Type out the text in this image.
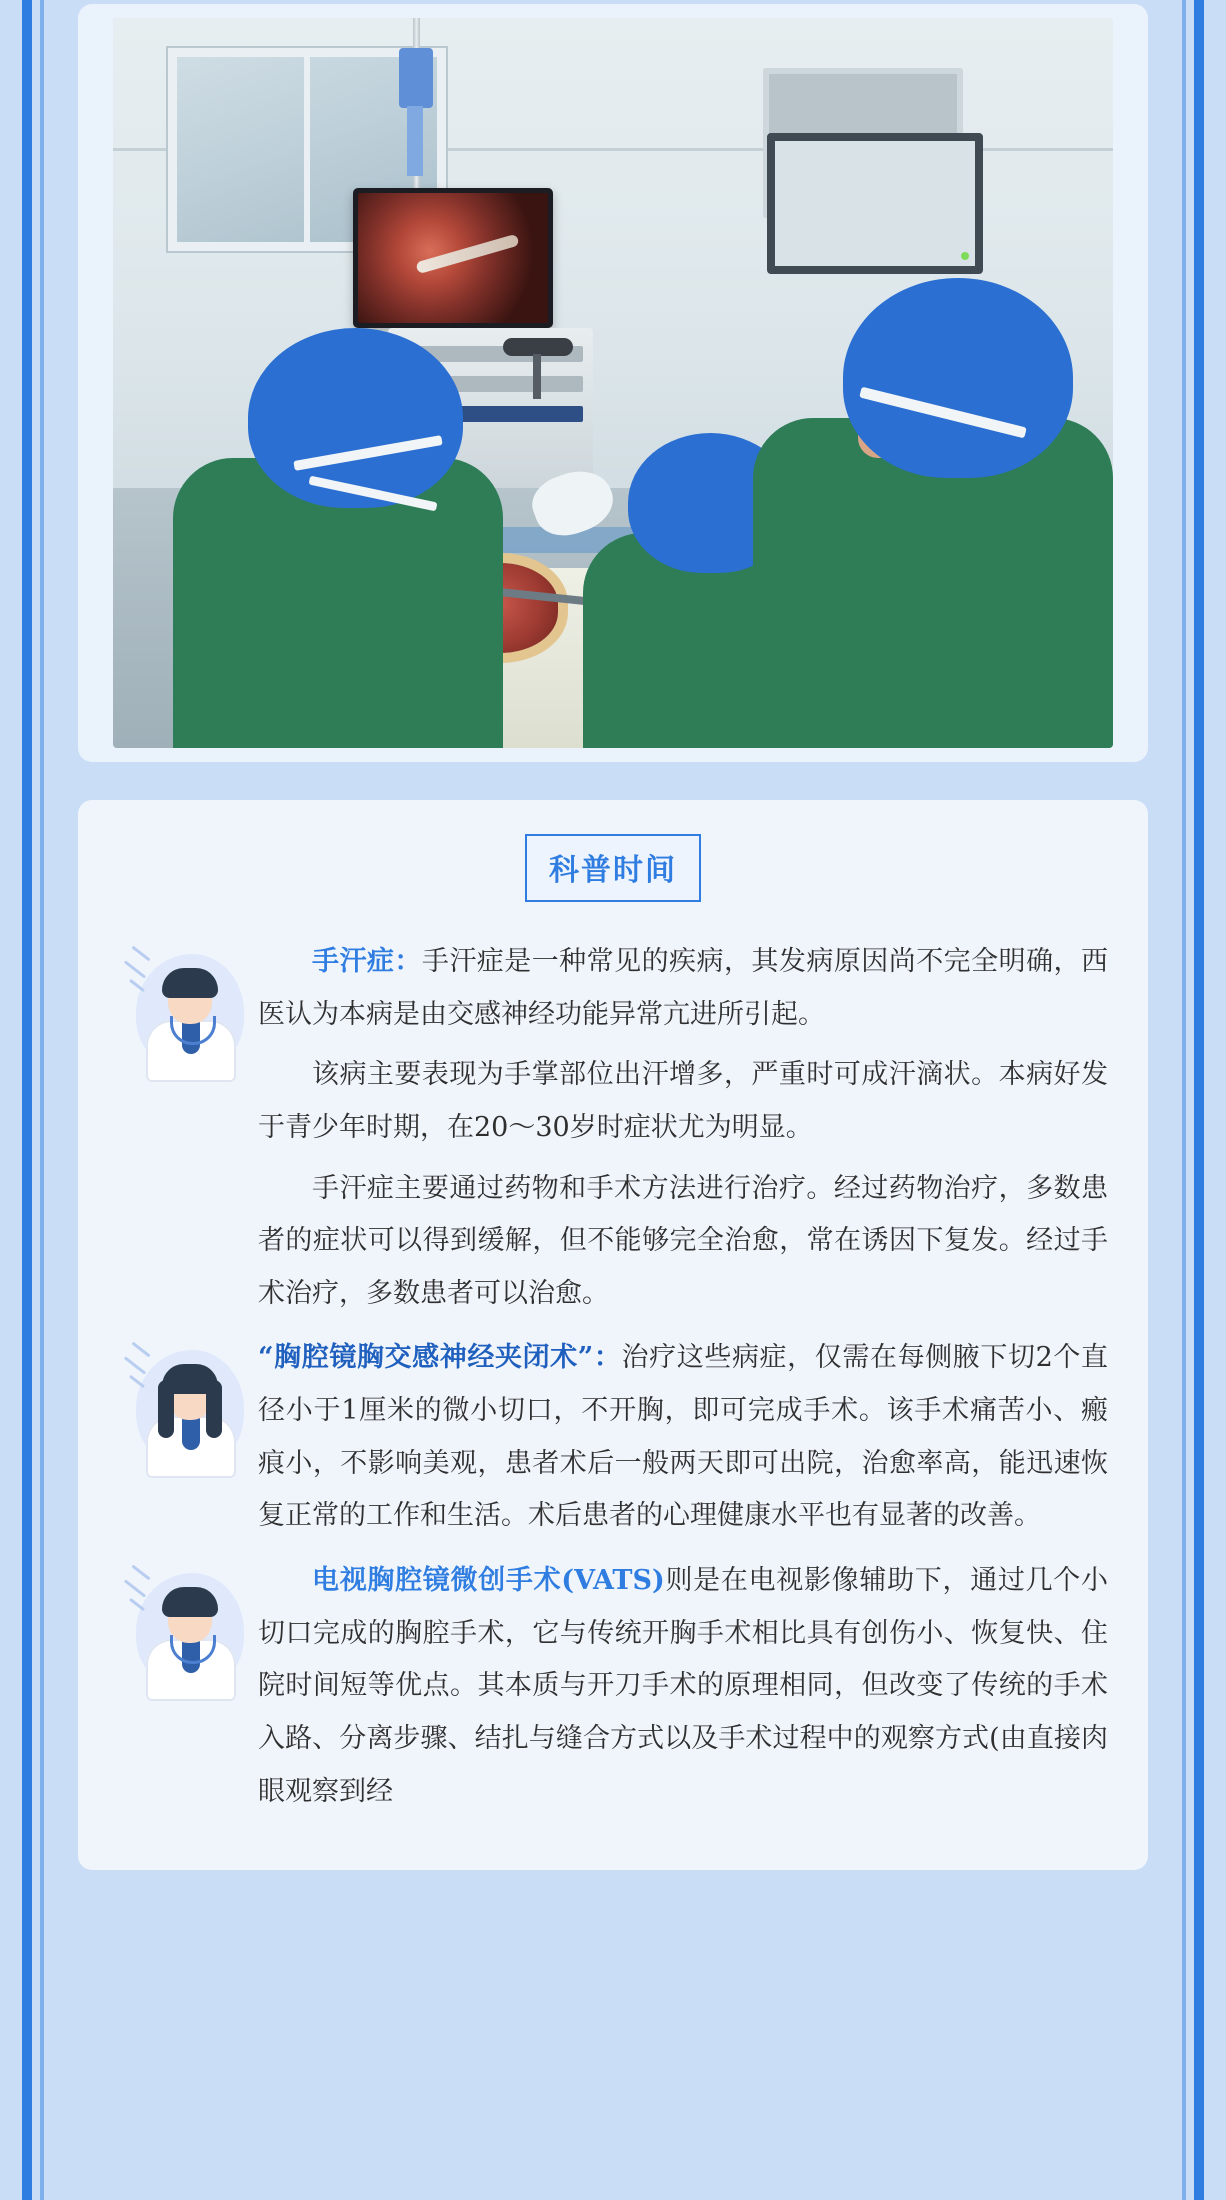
科普时间

手汗症：手汗症是一种常见的疾病，其发病原因尚不完全明确，西医认为本病是由交感神经功能异常亢进所引起。

该病主要表现为手掌部位出汗增多，严重时可成汗滴状。本病好发于青少年时期，在20～30岁时症状尤为明显。

手汗症主要通过药物和手术方法进行治疗。经过药物治疗，多数患者的症状可以得到缓解，但不能够完全治愈，常在诱因下复发。经过手术治疗，多数患者可以治愈。

“胸腔镜胸交感神经夹闭术”：治疗这些病症，仅需在每侧腋下切2个直径小于1厘米的微小切口，不开胸，即可完成手术。该手术痛苦小、瘢痕小，不影响美观，患者术后一般两天即可出院，治愈率高，能迅速恢复正常的工作和生活。术后患者的心理健康水平也有显著的改善。

电视胸腔镜微创手术(VATS)则是在电视影像辅助下，通过几个小切口完成的胸腔手术，它与传统开胸手术相比具有创伤小、恢复快、住院时间短等优点。其本质与开刀手术的原理相同，但改变了传统的手术入路、分离步骤、结扎与缝合方式以及手术过程中的观察方式(由直接肉眼观察到经
